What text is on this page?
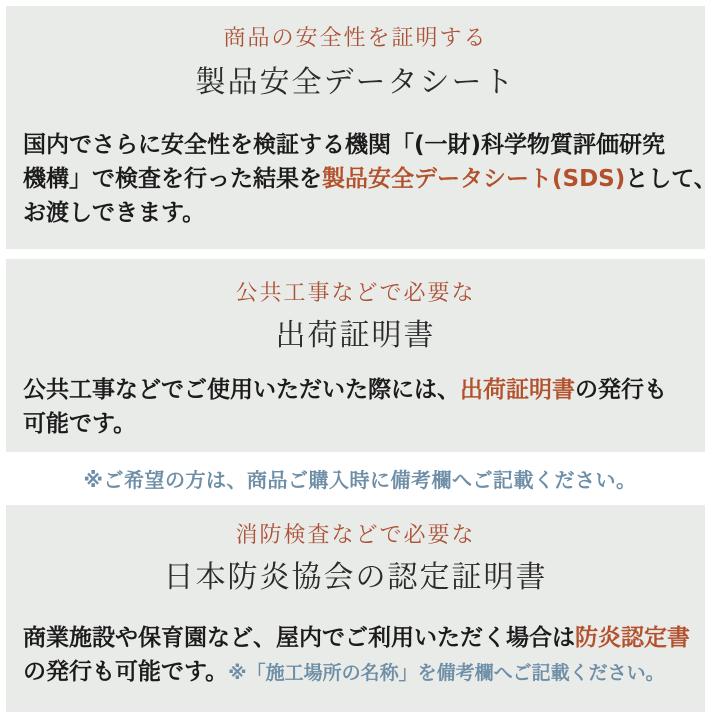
商品の安全性を証明する

製品安全データシート

国内でさらに安全性を検証する機関「(一財)科学物質評価研究
機構」で検査を行った結果を製品安全データシート(SDS)として、
お渡しできます。

公共工事などで必要な

出荷証明書

公共工事などでご使用いただいた際には、出荷証明書の発行も
可能です。

※ご希望の方は、商品ご購入時に備考欄へご記載ください。

消防検査などで必要な

日本防炎協会の認定証明書

商業施設や保育園など、屋内でご利用いただく場合は防炎認定書
の発行も可能です。※「施工場所の名称」を備考欄へご記載ください。
